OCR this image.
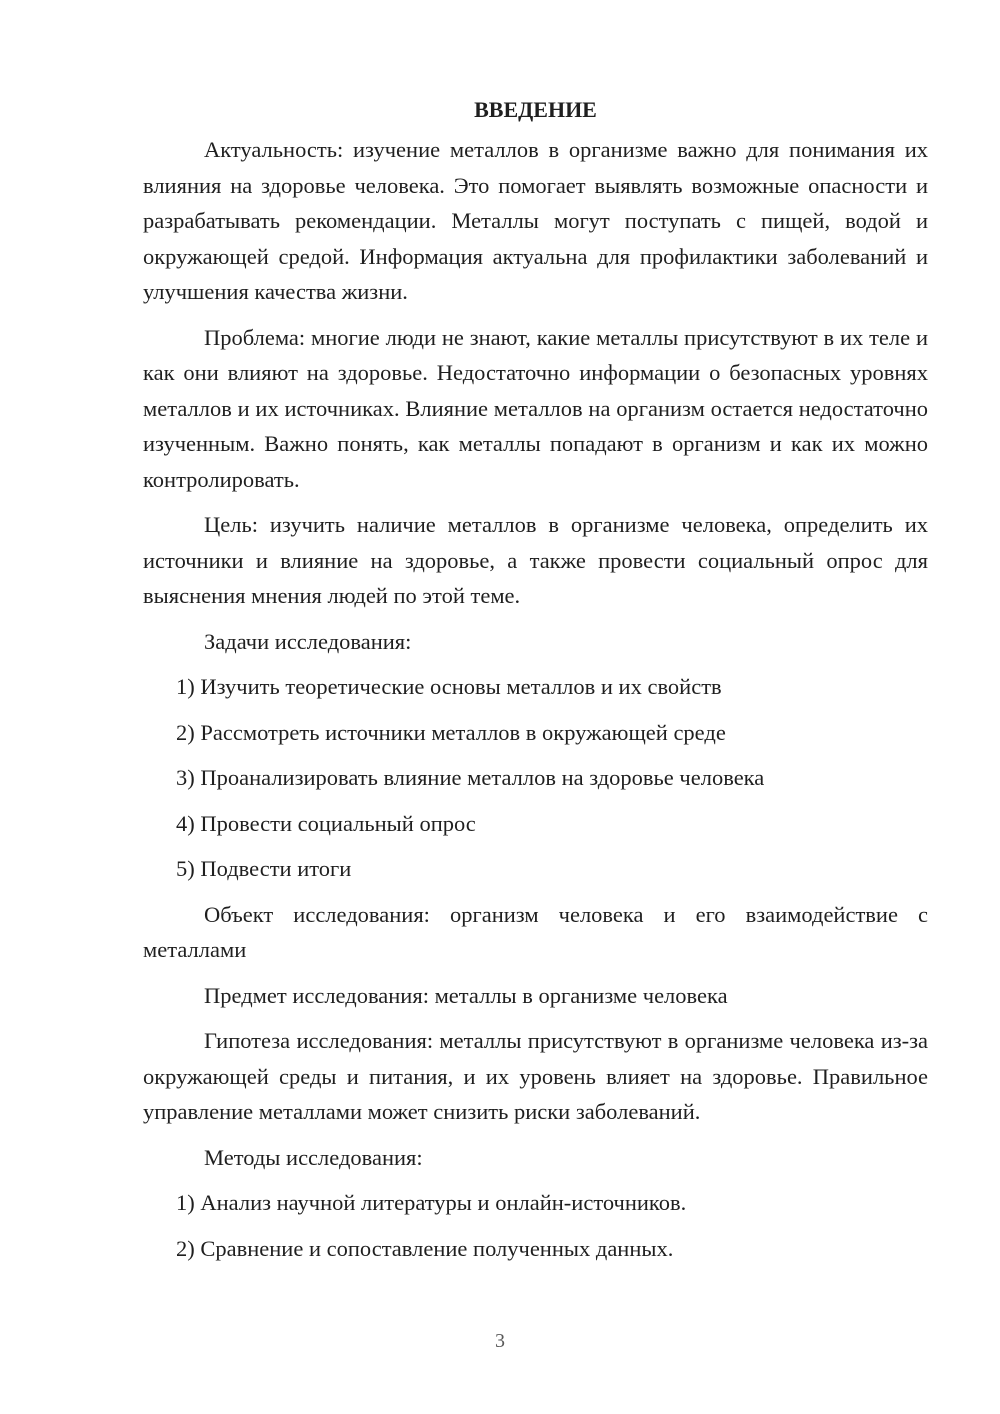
ВВЕДЕНИЕ

Актуальность: изучение металлов в организме важно для понимания их влияния на здоровье человека. Это помогает выявлять возможные опасности и разрабатывать рекомендации. Металлы могут поступать с пищей, водой и окружающей средой. Информация актуальна для профилактики заболеваний и улучшения качества жизни.

Проблема: многие люди не знают, какие металлы присутствуют в их теле и как они влияют на здоровье. Недостаточно информации о безопасных уровнях металлов и их источниках. Влияние металлов на организм остается недостаточно изученным. Важно понять, как металлы попадают в организм и как их можно контролировать.

Цель: изучить наличие металлов в организме человека, определить их источники и влияние на здоровье, а также провести социальный опрос для выяснения мнения людей по этой теме.

Задачи исследования:

1) Изучить теоретические основы металлов и их свойств

2) Рассмотреть источники металлов в окружающей среде

3) Проанализировать влияние металлов на здоровье человека

4) Провести социальный опрос

5) Подвести итоги

Объект исследования: организм человека и его взаимодействие с металлами

Предмет исследования: металлы в организме человека

Гипотеза исследования: металлы присутствуют в организме человека из-за окружающей среды и питания, и их уровень влияет на здоровье. Правильное управление металлами может снизить риски заболеваний.

Методы исследования:

1) Анализ научной литературы и онлайн-источников.

2) Сравнение и сопоставление полученных данных.

3
